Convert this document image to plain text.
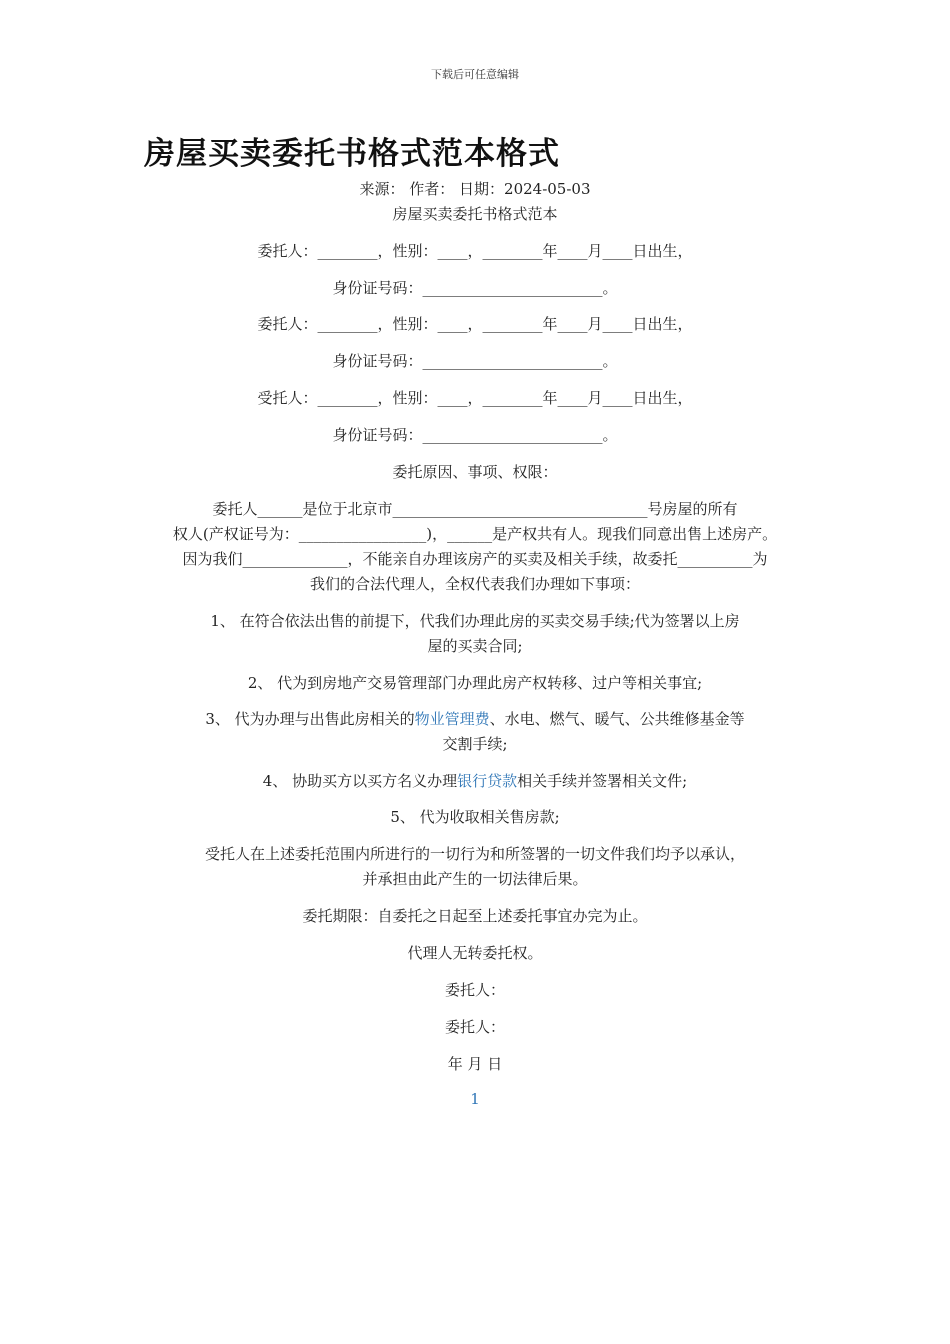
下载后可任意编辑
房屋买卖委托书格式范本格式
来源： 作者： 日期：2024-05-03
房屋买卖委托书格式范本
委托人：________，性别：____，________年____月____日出生，
身份证号码：________________________。
委托人：________，性别：____，________年____月____日出生，
身份证号码：________________________。
受托人：________，性别：____，________年____月____日出生，
身份证号码：________________________。
委托原因、事项、权限：
委托人______是位于北京市__________________________________号房屋的所有
权人(产权证号为：_________________)，______是产权共有人。现我们同意出售上述房产。
因为我们______________，不能亲自办理该房产的买卖及相关手续，故委托__________为
我们的合法代理人，全权代表我们办理如下事项：
1、 在符合依法出售的前提下，代我们办理此房的买卖交易手续;代为签署以上房
屋的买卖合同;
2、 代为到房地产交易管理部门办理此房产权转移、过户等相关事宜;
3、 代为办理与出售此房相关的物业管理费、水电、燃气、暖气、公共维修基金等
交割手续;
4、 协助买方以买方名义办理银行贷款相关手续并签署相关文件;
5、 代为收取相关售房款;
受托人在上述委托范围内所进行的一切行为和所签署的一切文件我们均予以承认，
并承担由此产生的一切法律后果。
委托期限：自委托之日起至上述委托事宜办完为止。
代理人无转委托权。
委托人：
委托人：
年 月 日
1
